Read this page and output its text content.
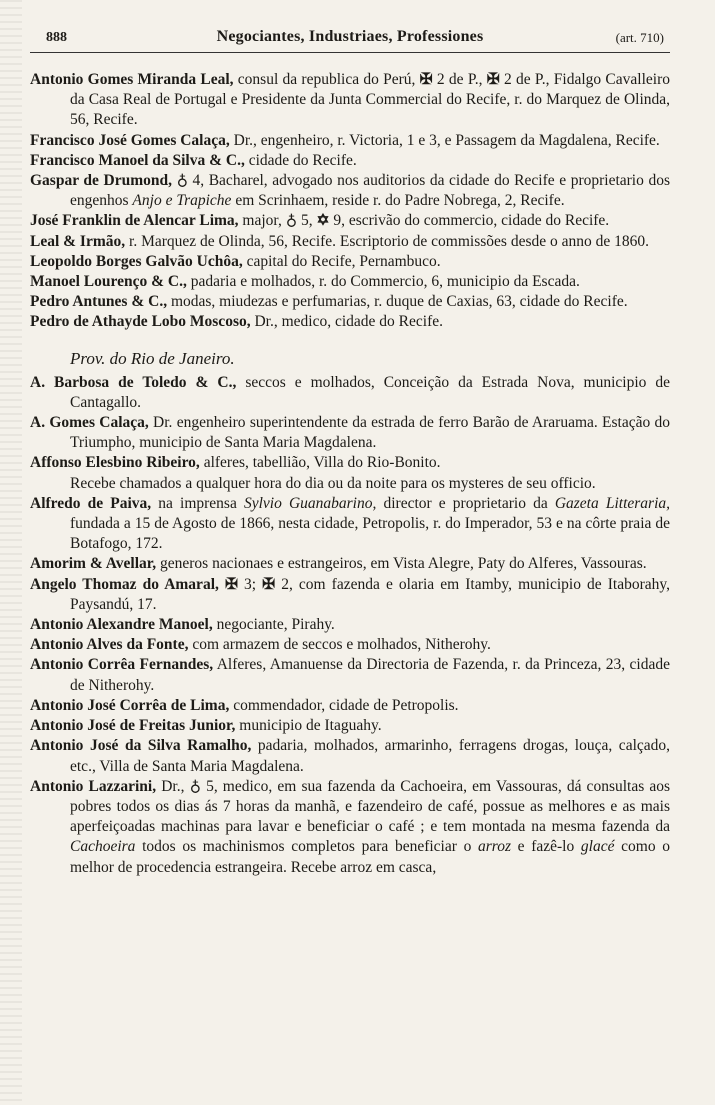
888	Negociantes, Industriaes, Professiones	(art. 710)

Antonio Gomes Miranda Leal, consul da republica do Perú, ✠ 2 de P., ✠ 2 de P., Fidalgo Cavalleiro da Casa Real de Portugal e Presidente da Junta Commercial do Recife, r. do Marquez de Olinda, 56, Recife.

Francisco José Gomes Calaça, Dr., engenheiro, r. Victoria, 1 e 3, e Passagem da Magdalena, Recife.

Francisco Manoel da Silva & C., cidade do Recife.

Gaspar de Drumond, ♁ 4, Bacharel, advogado nos auditorios da cidade do Recife e proprietario dos engenhos Anjo e Trapiche em Scrinhaem, reside r. do Padre Nobrega, 2, Recife.

José Franklin de Alencar Lima, major, ♁ 5, ✡ 9, escrivão do commercio, cidade do Recife.

Leal & Irmão, r. Marquez de Olinda, 56, Recife. Escriptorio de commissões desde o anno de 1860.

Leopoldo Borges Galvão Uchôa, capital do Recife, Pernambuco.

Manoel Lourenço & C., padaria e molhados, r. do Commercio, 6, municipio da Escada.

Pedro Antunes & C., modas, miudezas e perfumarias, r. duque de Caxias, 63, cidade do Recife.

Pedro de Athayde Lobo Moscoso, Dr., medico, cidade do Recife.

Prov. do Rio de Janeiro.

A. Barbosa de Toledo & C., seccos e molhados, Conceição da Estrada Nova, municipio de Cantagallo.

A. Gomes Calaça, Dr. engenheiro superintendente da estrada de ferro Barão de Araruama. Estação do Triumpho, municipio de Santa Maria Magdalena.

Affonso Elesbino Ribeiro, alferes, tabellião, Villa do Rio-Bonito.

Recebe chamados a qualquer hora do dia ou da noite para os mysteres de seu officio.

Alfredo de Paiva, na imprensa Sylvio Guanabarino, director e proprietario da Gazeta Litteraria, fundada a 15 de Agosto de 1866, nesta cidade, Petropolis, r. do Imperador, 53 e na côrte praia de Botafogo, 172.

Amorim & Avellar, generos nacionaes e estrangeiros, em Vista Alegre, Paty do Alferes, Vassouras.

Angelo Thomaz do Amaral, ✠ 3; ✠ 2, com fazenda e olaria em Itamby, municipio de Itaborahy, Paysandú, 17.

Antonio Alexandre Manoel, negociante, Pirahy.

Antonio Alves da Fonte, com armazem de seccos e molhados, Nitherohy.

Antonio Corrêa Fernandes, Alferes, Amanuense da Directoria de Fazenda, r. da Princeza, 23, cidade de Nitherohy.

Antonio José Corrêa de Lima, commendador, cidade de Petropolis.

Antonio José de Freitas Junior, municipio de Itaguahy.

Antonio José da Silva Ramalho, padaria, molhados, armarinho, ferragens drogas, louça, calçado, etc., Villa de Santa Maria Magdalena.

Antonio Lazzarini, Dr., ♁ 5, medico, em sua fazenda da Cachoeira, em Vassouras, dá consultas aos pobres todos os dias ás 7 horas da manhã, e fazendeiro de café, possue as melhores e as mais aperfeiçoadas machinas para lavar e beneficiar o café ; e tem montada na mesma fazenda da Cachoeira todos os machinismos completos para beneficiar o arroz e fazê-lo glacé como o melhor de procedencia estrangeira. Recebe arroz em casca,
